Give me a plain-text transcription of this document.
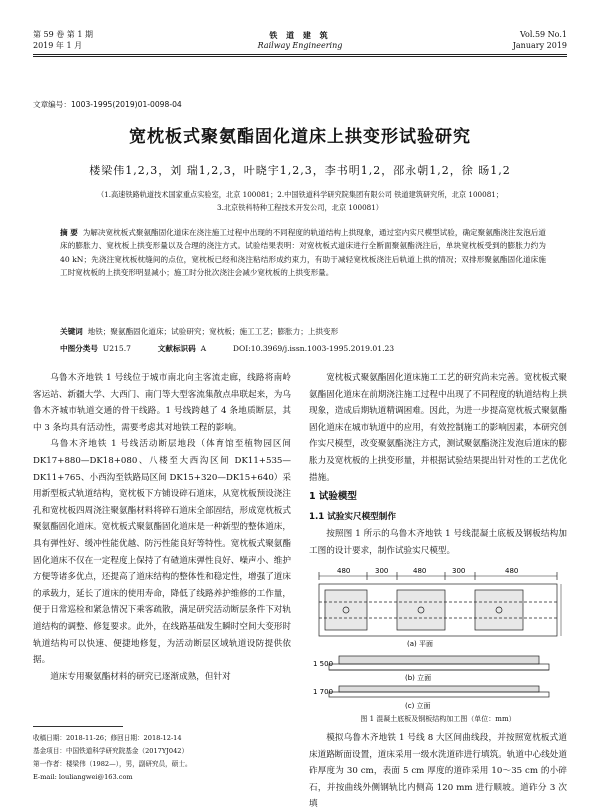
第 59 卷 第 1 期
2019 年 1 月
铁 道 建 筑
Railway Engineering
Vol.59 No.1
January 2019
文章编号：1003-1995(2019)01-0098-04
宽枕板式聚氨酯固化道床上拱变形试验研究
楼梁伟1,2,3，刘 瑞1,2,3，叶晓宇1,2,3，李书明1,2，邵永朝1,2，徐 旸1,2
（1.高速铁路轨道技术国家重点实验室，北京 100081；2.中国铁道科学研究院集团有限公司 铁道建筑研究所，北京 100081；
3.北京铁科特种工程技术开发公司，北京 100081）
摘 要 为解决宽枕板式聚氨酯固化道床在浇注施工过程中出现的不同程度的轨道结构上拱现象，通过室内实尺模型试验，确定聚氨酯浇注发泡后道床的膨胀力、宽枕板上拱变形量以及合理的浇注方式。试验结果表明：对宽枕板式道床进行全断面聚氨酯浇注后，单块宽枕板受到的膨胀力约为 40 kN；先浇注宽枕板枕缝间的点位，宽枕板已经和浇注粘结形成约束力，有助于减轻宽枕板浇注后轨道上拱的情况；双排形聚氨酯固化道床施工时宽枕板的上拱变形明显减小；施工时分批次浇注会减少宽枕板的上拱变形量。
关键词 地铁；聚氨酯固化道床；试验研究；宽枕板；施工工艺；膨胀力；上拱变形
中图分类号 U215.7	文献标识码 A	DOI:10.3969/j.issn.1003-1995.2019.01.23

乌鲁木齐地铁 1 号线位于城市南北向主客流走廊，线路将南岭客运站、新疆大学、大西门、南门等大型客流集散点串联起来，为乌鲁木齐城市轨道交通的骨干线路。1 号线跨越了 4 条地质断层，其中 3 条均具有活动性，需要考虑其对地铁工程的影响。

乌鲁木齐地铁 1 号线活动断层地段（体育馆至植物园区间 DK17+880—DK18+080、八楼至大西沟区间 DK11+535—DK11+765、小西沟至铁路局区间 DK15+320—DK15+640）采用新型板式轨道结构，宽枕板下方铺设碎石道床，从宽枕板预设浇注孔和宽枕板四周浇注聚氨酯材料将碎石道床全部固结，形成宽枕板式聚氨酯固化道床。宽枕板式聚氨酯固化道床是一种新型的整体道床，具有弹性好、缓冲性能优越、防污性能良好等特性。宽枕板式聚氨酯固化道床不仅在一定程度上保持了有碴道床弹性良好、噪声小、维护方便等诸多优点，还提高了道床结构的整体性和稳定性，增强了道床的承载力，延长了道床的使用寿命，降低了线路养护维修的工作量，便于日常巡检和紧急情况下乘客疏散，满足研究活动断层条件下对轨道结构的调整、修复要求。此外，在线路基础发生瞬时空间大变形时轨道结构可以快速、便捷地修复，为活动断层区域轨道设防提供依据。

道床专用聚氨酯材料的研究已逐渐成熟，但针对

收稿日期：2018-11-26；修回日期：2018-12-14
基金项目：中国铁道科学研究院基金（2017YJ042）
第一作者：楼梁伟（1982—），男，副研究员，硕士。
E-mail: louliangwei@163.com

宽枕板式聚氨酯固化道床施工工艺的研究尚未完善。宽枕板式聚氨酯固化道床在前期浇注施工过程中出现了不同程度的轨道结构上拱现象，造成后期轨道精调困难。因此，为进一步提高宽枕板式聚氨酯固化道床在城市轨道中的应用，有效控制施工的影响因素，本研究创作实尺模型，改变聚氨酯浇注方式，测试聚氨酯浇注发泡后道床的膨胀力及宽枕板的上拱变形量，并根据试验结果提出针对性的工艺优化措施。

1 试验模型
1.1 试验实尺模型制作

按照图 1 所示的乌鲁木齐地铁 1 号线混凝土底板及钢板结构加工图的设计要求，制作试验实尺模型。

480	300	480	300	480
(a) 平面
1 500
(b) 立面
1 700
(c) 立面
图 1 混凝土底板及钢板结构加工图（单位：mm）

模拟乌鲁木齐地铁 1 号线 8 大区间曲线段，并按照宽枕板式道床道路断面设置，道床采用一级水洗道砟进行填筑。轨道中心线处道砟厚度为 30 cm，表面 5 cm 厚度的道砟采用 10～35 cm 的小碎石，并按曲线外侧钢轨比内侧高 120 mm 进行顺坡。道砟分 3 次填
